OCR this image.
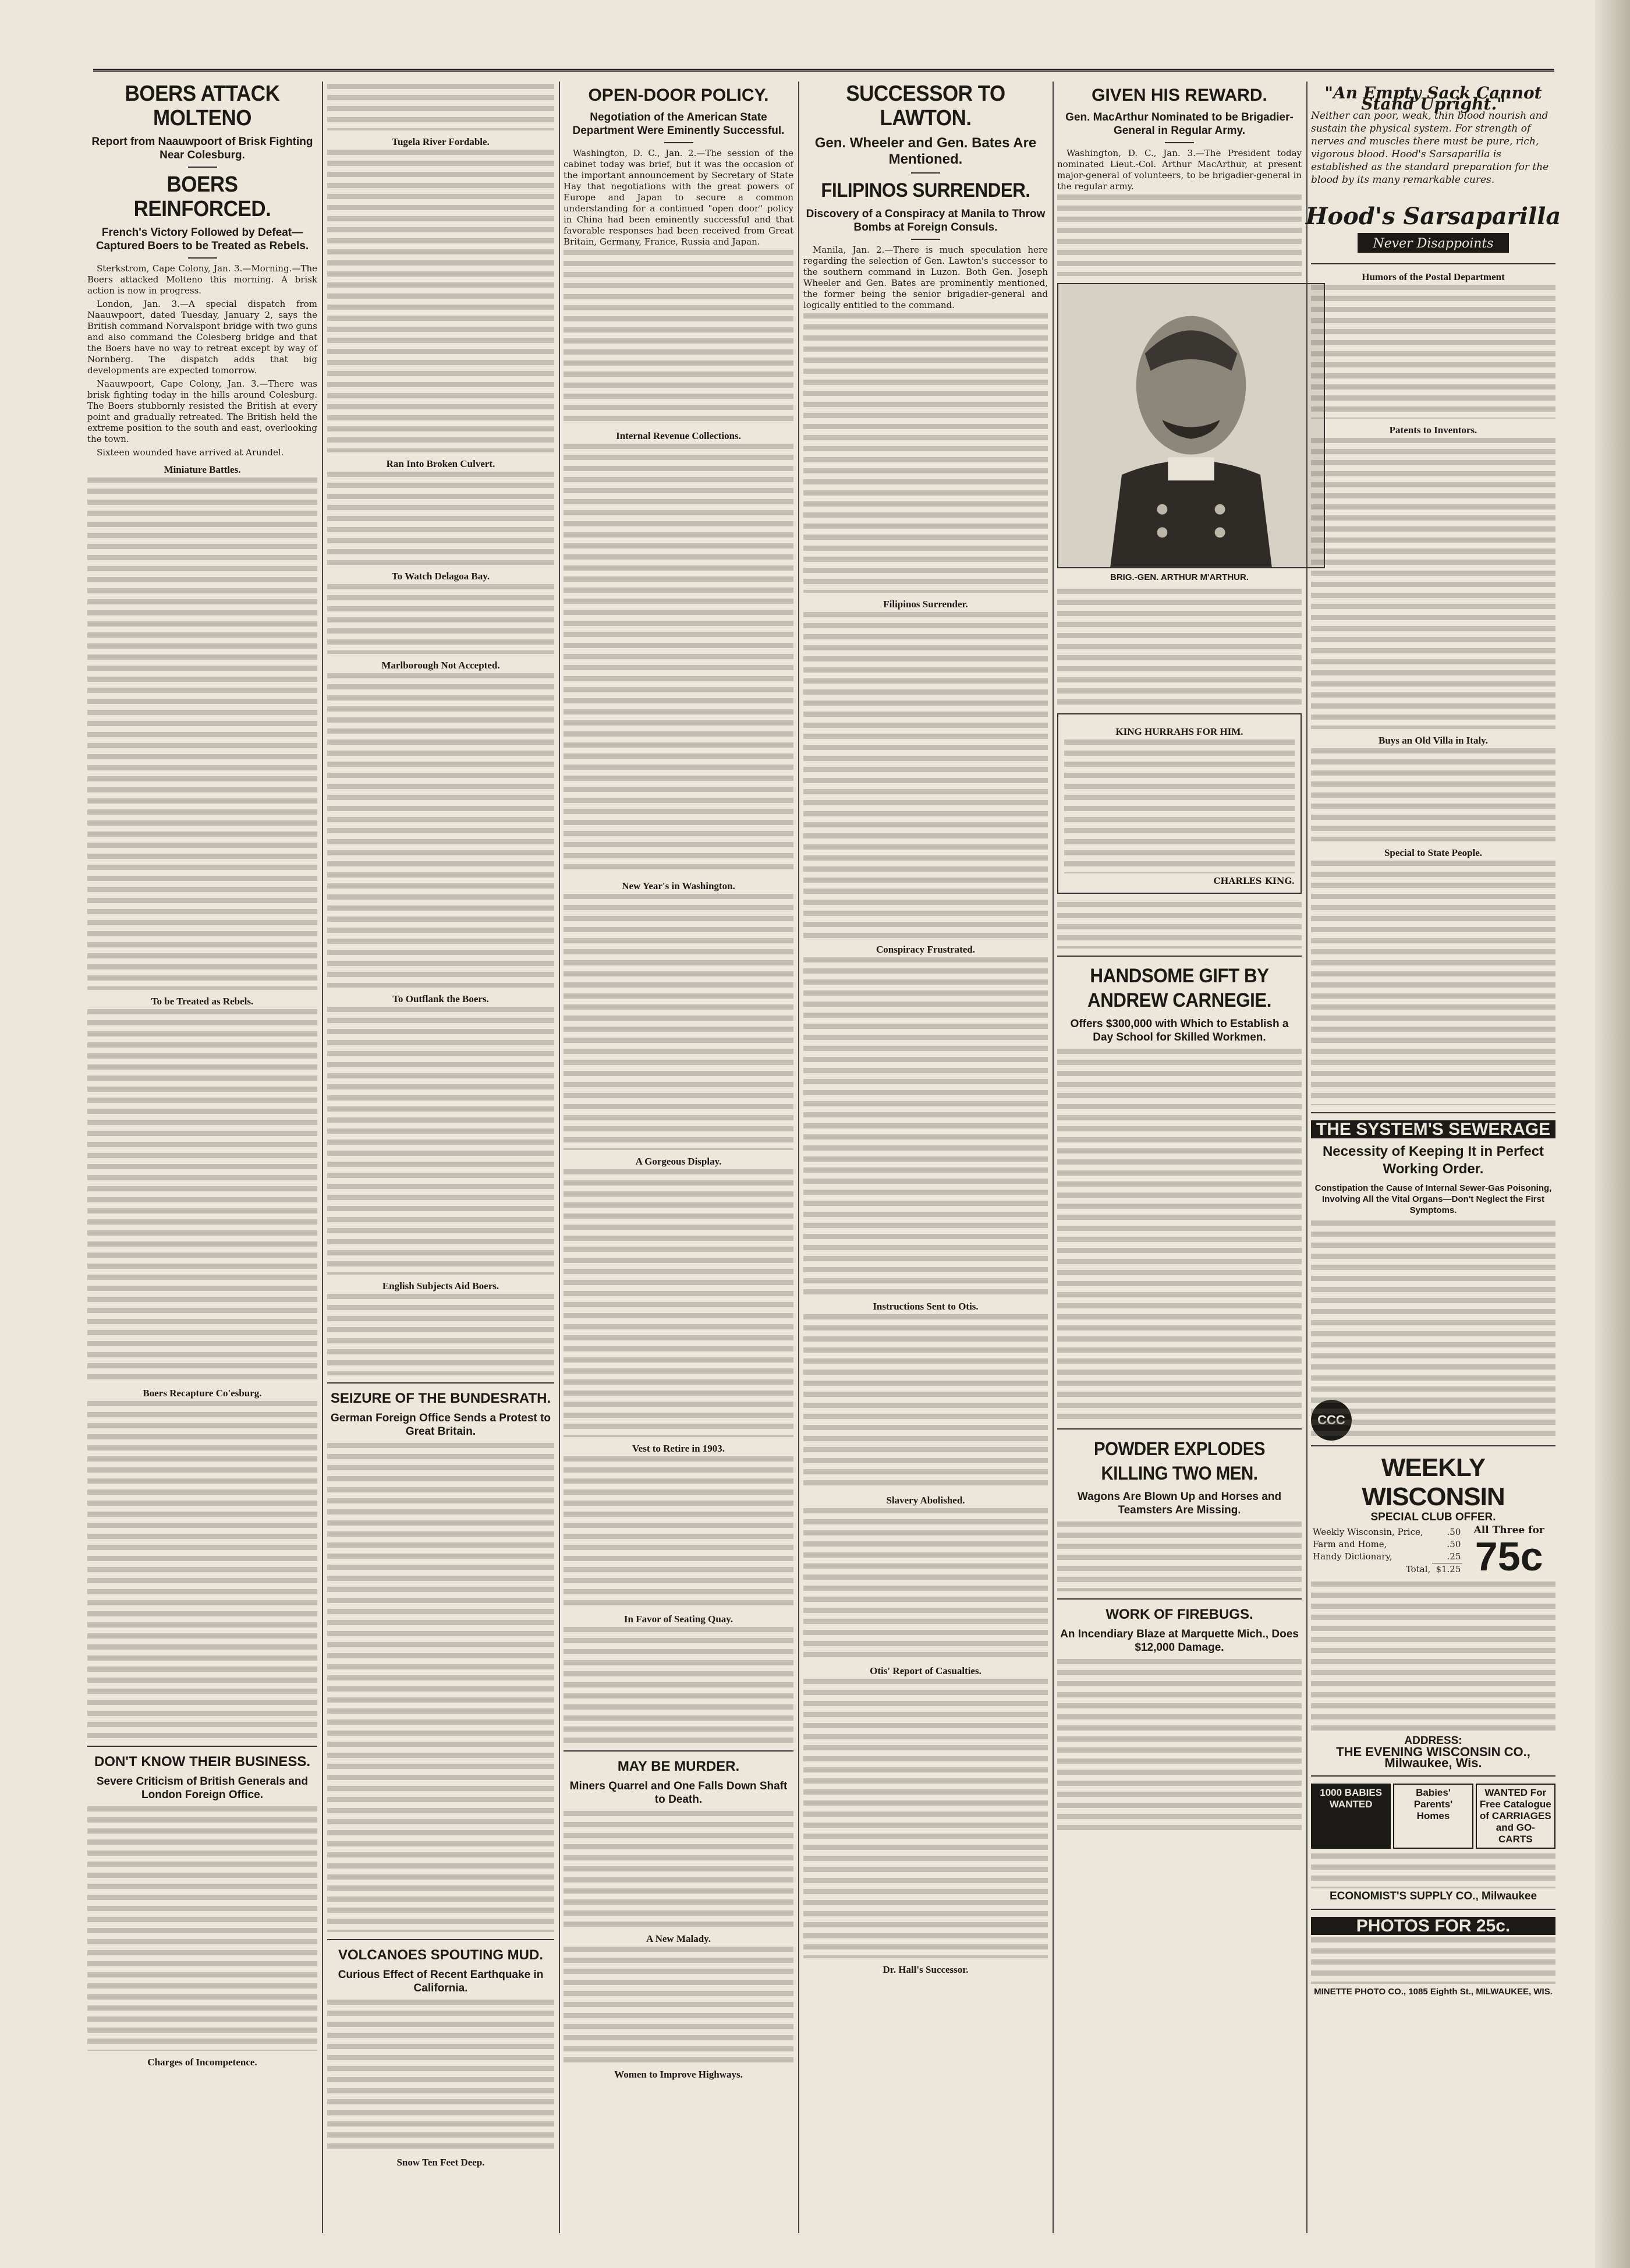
BOERS ATTACK MOLTENO
Report from Naauwpoort of Brisk Fighting Near Colesburg.
BOERS REINFORCED.
French's Victory Followed by Defeat—Captured Boers to be Treated as Rebels.

Sterkstrom, Cape Colony, Jan. 3.—Morning.—The Boers attacked Molteno this morning. A brisk action is now in progress.

London, Jan. 3.—A special dispatch from Naauwpoort, dated Tuesday, January 2, says the British command Norvalspont bridge with two guns and also command the Colesberg bridge and that the Boers have no way to retreat except by way of Nornberg. The dispatch adds that big developments are expected tomorrow.

Naauwpoort, Cape Colony, Jan. 3.—There was brisk fighting today in the hills around Colesburg. The Boers stubbornly resisted the British at every point and gradually retreated. The British held the extreme position to the south and east, overlooking the town.

Sixteen wounded have arrived at Arundel.

Miniature Battles.
To be Treated as Rebels.
Boers Recapture Co'esburg.
DON'T KNOW THEIR BUSINESS.
Severe Criticism of British Generals and London Foreign Office.
Charges of Incompetence.
Tugela River Fordable.
Ran Into Broken Culvert.
To Watch Delagoa Bay.
Marlborough Not Accepted.
To Outflank the Boers.
English Subjects Aid Boers.
SEIZURE OF THE BUNDESRATH.
German Foreign Office Sends a Protest to Great Britain.
VOLCANOES SPOUTING MUD.
Curious Effect of Recent Earthquake in California.
Snow Ten Feet Deep.
OPEN-DOOR POLICY.
Negotiation of the American State Department Were Eminently Successful.

Washington, D. C., Jan. 2.—The session of the cabinet today was brief, but it was the occasion of the important announcement by Secretary of State Hay that negotiations with the great powers of Europe and Japan to secure a common understanding for a continued "open door" policy in China had been eminently successful and that favorable responses had been received from Great Britain, Germany, France, Russia and Japan.

Internal Revenue Collections.
New Year's in Washington.
A Gorgeous Display.
Vest to Retire in 1903.
In Favor of Seating Quay.
MAY BE MURDER.
Miners Quarrel and One Falls Down Shaft to Death.
A New Malady.
Women to Improve Highways.
SUCCESSOR TO LAWTON.
Gen. Wheeler and Gen. Bates Are Mentioned.
FILIPINOS SURRENDER.
Discovery of a Conspiracy at Manila to Throw Bombs at Foreign Consuls.

Manila, Jan. 2.—There is much speculation here regarding the selection of Gen. Lawton's successor to the southern command in Luzon. Both Gen. Joseph Wheeler and Gen. Bates are prominently mentioned, the former being the senior brigadier-general and logically entitled to the command.

Filipinos Surrender.
Conspiracy Frustrated.
Instructions Sent to Otis.
Slavery Abolished.
Otis' Report of Casualties.
Dr. Hall's Successor.
GIVEN HIS REWARD.
Gen. MacArthur Nominated to be Brigadier-General in Regular Army.

Washington, D. C., Jan. 3.—The President today nominated Lieut.-Col. Arthur MacArthur, at present major-general of volunteers, to be brigadier-general in the regular army.

BRIG.-GEN. ARTHUR M'ARTHUR.
KING HURRAHS FOR HIM.
CHARLES KING.
HANDSOME GIFT BY ANDREW CARNEGIE.
Offers $300,000 with Which to Establish a Day School for Skilled Workmen.
POWDER EXPLODES KILLING TWO MEN.
Wagons Are Blown Up and Horses and Teamsters Are Missing.
WORK OF FIREBUGS.
An Incendiary Blaze at Marquette Mich., Does $12,000 Damage.
"An Empty Sack Cannot Stand Upright."
Neither can poor, weak, thin blood nourish and sustain the physical system. For strength of nerves and muscles there must be pure, rich, vigorous blood. Hood's Sarsaparilla is established as the standard preparation for the blood by its many remarkable cures.
Hood's Sarsaparilla
Never Disappoints
Humors of the Postal Department
Patents to Inventors.
Buys an Old Villa in Italy.
Special to State People.
THE SYSTEM'S SEWERAGE
Necessity of Keeping It in Perfect Working Order.
Constipation the Cause of Internal Sewer-Gas Poisoning, Involving All the Vital Organs—Don't Neglect the First Symptoms.
CCC
WEEKLY WISCONSIN
SPECIAL CLUB OFFER.
Weekly Wisconsin, Price,	.50
Farm and Home,	.50
Handy Dictionary,	.25
Total,	$1.25
All Three for
75c
ADDRESS:
THE EVENING WISCONSIN CO., Milwaukee, Wis.
1000 BABIES WANTED
Babies' Parents' Homes
WANTED For Free Catalogue of CARRIAGES and GO-CARTS
ECONOMIST'S SUPPLY CO., Milwaukee
PHOTOS FOR 25c.
MINETTE PHOTO CO., 1085 Eighth St., MILWAUKEE, WIS.
